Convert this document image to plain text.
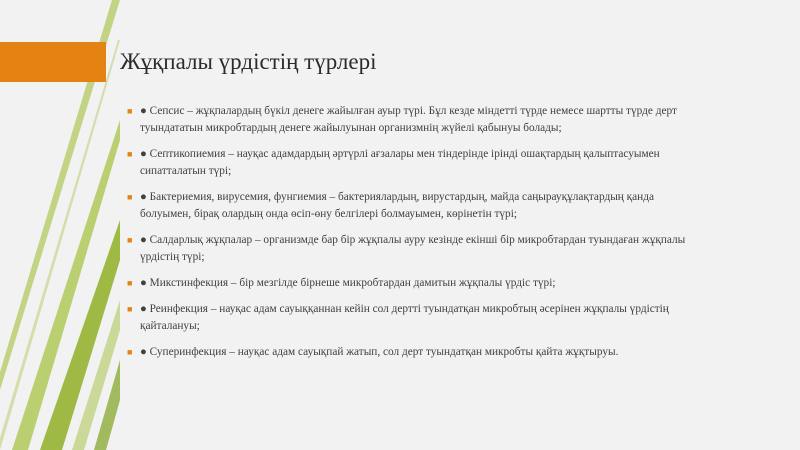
Жұқпалы үрдістің түрлері
■ ● Сепсис – жұқпалардың бүкіл денеге жайылған ауыр түрі. Бұл кезде міндетті түрде немесе шартты түрде дерт туындататын микробтардың денеге жайылуынан организмнің жүйелі қабынуы болады;
■ ● Септикопиемия – науқас адамдардың әртүрлі ағзалары мен тіндерінде ірінді ошақтардың қалыптасуымен сипатталатын түрі;
■ ● Бактериемия, вирусемия, фунгиемия – бактериялардың, вирустардың, майда саңырауқұлақтардың қанда болуымен, бірақ олардың онда өсіп-өну белгілері болмауымен, көрінетін түрі;
■ ● Салдарлық жұқпалар – организмде бар бір жұқпалы ауру кезінде екінші бір микробтардан туындаған жұқпалы үрдістің түрі;
■ ● Микстинфекция – бір мезгілде бірнеше микробтардан дамитын жұқпалы үрдіс түрі;
■ ● Реинфекция – науқас адам сауыққаннан кейін сол дертті туындатқан микробтың әсерінен жұқпалы үрдістің қайталануы;
■ ● Суперинфекция – науқас адам сауықпай жатып, сол дерт туындатқан микробты қайта жұқтыруы.
